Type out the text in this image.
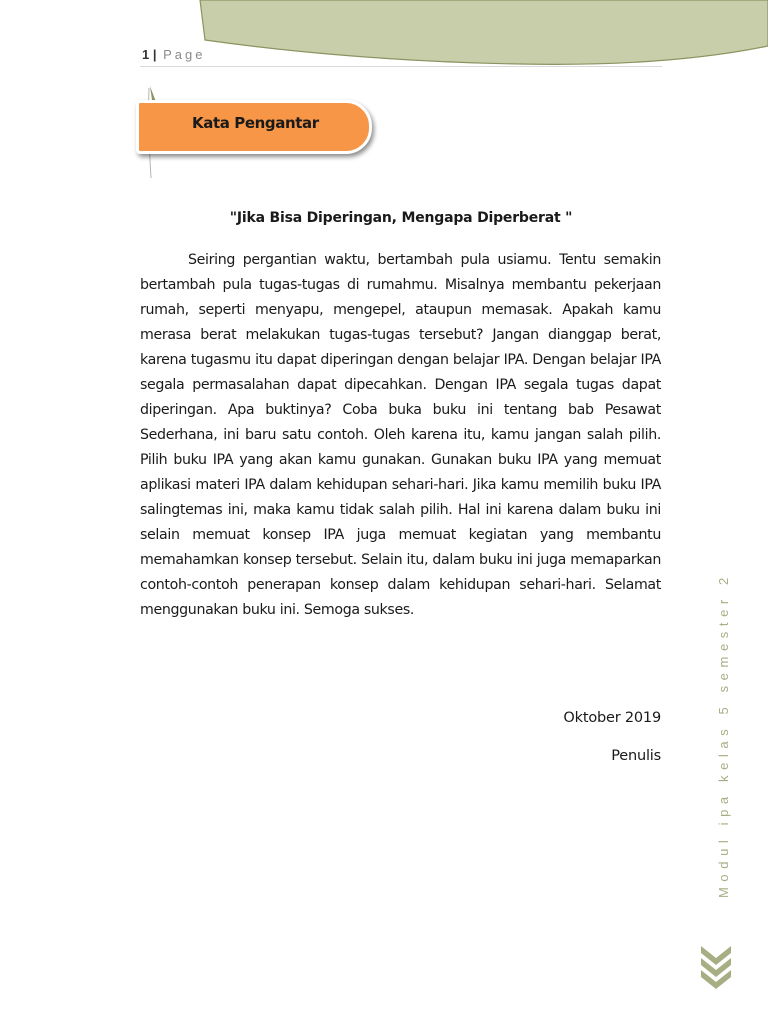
1 | Page
Kata Pengantar
"Jika Bisa Diperingan, Mengapa Diperberat "

Seiring pergantian waktu, bertambah pula usiamu. Tentu semakin bertambah pula tugas-tugas di rumahmu. Misalnya membantu pekerjaan rumah, seperti menyapu, mengepel, ataupun memasak. Apakah kamu merasa berat melakukan tugas-tugas tersebut? Jangan dianggap berat, karena tugasmu itu dapat diperingan dengan belajar IPA. Dengan belajar IPA segala permasalahan dapat dipecahkan. Dengan IPA segala tugas dapat diperingan. Apa buktinya? Coba buka buku ini tentang bab Pesawat Sederhana, ini baru satu contoh. Oleh karena itu, kamu jangan salah pilih. Pilih buku IPA yang akan kamu gunakan. Gunakan buku IPA yang memuat aplikasi materi IPA dalam kehidupan sehari-hari. Jika kamu memilih buku IPA salingtemas ini, maka kamu tidak salah pilih. Hal ini karena dalam buku ini selain memuat konsep IPA juga memuat kegiatan yang membantu memahamkan konsep tersebut. Selain itu, dalam buku ini juga memaparkan contoh-contoh penerapan konsep dalam kehidupan sehari-hari. Selamat menggunakan buku ini. Semoga sukses.

Oktober 2019
Penulis	Modul ipa kelas 5 semester 2
